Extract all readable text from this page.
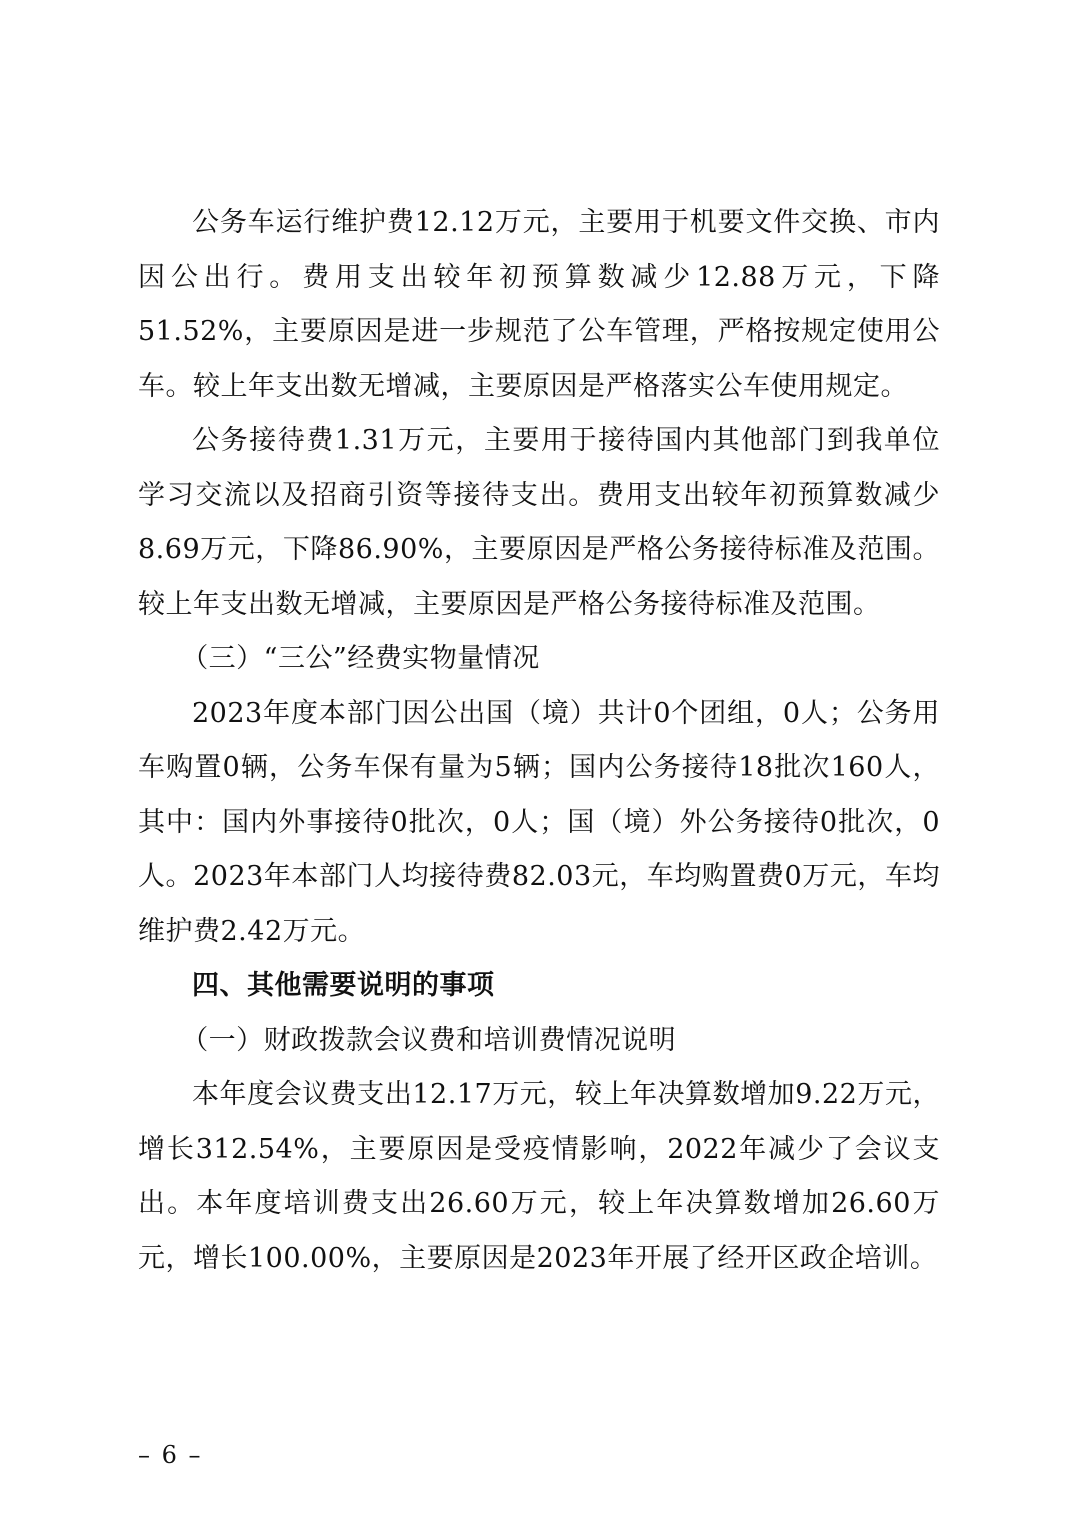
公务车运行维护费12.12万元，主要用于机要文件交换、市内因公出行。费用支出较年初预算数减少12.88万元，下降51.52%，主要原因是进一步规范了公车管理，严格按规定使用公车。较上年支出数无增减，主要原因是严格落实公车使用规定。

公务接待费1.31万元，主要用于接待国内其他部门到我单位学习交流以及招商引资等接待支出。费用支出较年初预算数减少8.69万元，下降86.90%，主要原因是严格公务接待标准及范围。较上年支出数无增减，主要原因是严格公务接待标准及范围。

（三）“三公”经费实物量情况

2023年度本部门因公出国（境）共计0个团组，0人；公务用车购置0辆，公务车保有量为5辆；国内公务接待18批次160人，其中：国内外事接待0批次，0人；国（境）外公务接待0批次，0人。2023年本部门人均接待费82.03元，车均购置费0万元，车均维护费2.42万元。

四、其他需要说明的事项

（一）财政拨款会议费和培训费情况说明

本年度会议费支出12.17万元，较上年决算数增加9.22万元，增长312.54%，主要原因是受疫情影响，2022年减少了会议支出。本年度培训费支出26.60万元，较上年决算数增加26.60万元，增长100.00%，主要原因是2023年开展了经开区政企培训。

– 6 –
